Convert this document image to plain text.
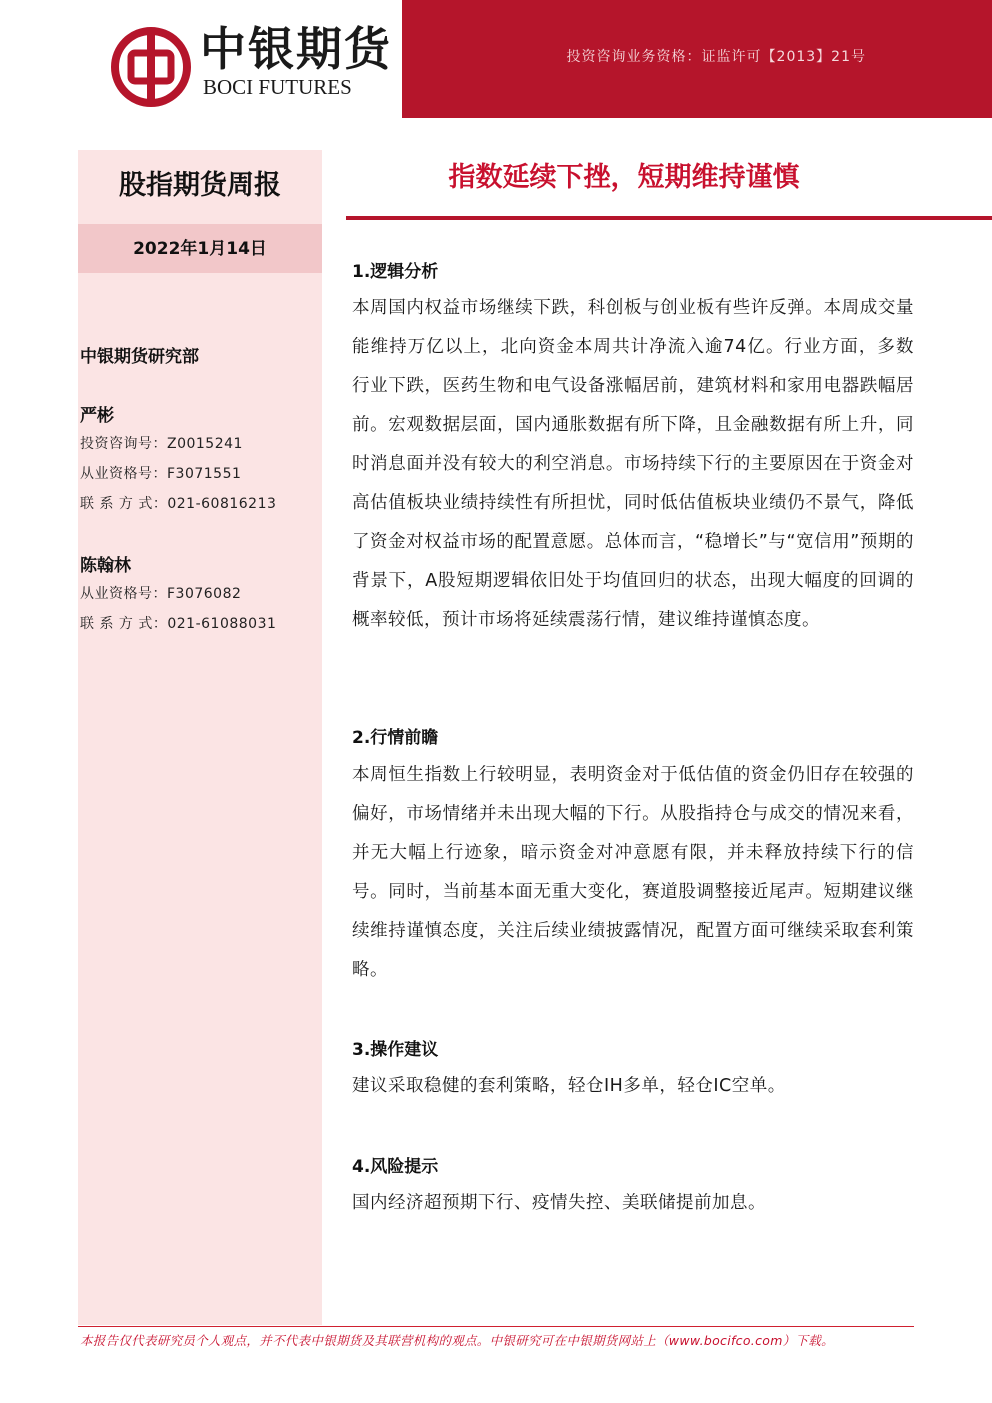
中银期货
BOCI FUTURES
投资咨询业务资格：证监许可【2013】21号
股指期货周报
2022年1月14日
中银期货研究部
严彬
投资咨询号：Z0015241
从业资格号：F3071551
联 系 方 式：021-60816213
陈翰林
从业资格号：F3076082
联 系 方 式：021-61088031
指数延续下挫，短期维持谨慎
1.逻辑分析
本周国内权益市场继续下跌，科创板与创业板有些许反弹。本周成交量能维持万亿以上，北向资金本周共计净流入逾74亿。行业方面，多数行业下跌，医药生物和电气设备涨幅居前，建筑材料和家用电器跌幅居前。宏观数据层面，国内通胀数据有所下降，且金融数据有所上升，同时消息面并没有较大的利空消息。市场持续下行的主要原因在于资金对高估值板块业绩持续性有所担忧，同时低估值板块业绩仍不景气，降低了资金对权益市场的配置意愿。总体而言，“稳增长”与“宽信用”预期的背景下，A股短期逻辑依旧处于均值回归的状态，出现大幅度的回调的概率较低，预计市场将延续震荡行情，建议维持谨慎态度。
2.行情前瞻
本周恒生指数上行较明显，表明资金对于低估值的资金仍旧存在较强的偏好，市场情绪并未出现大幅的下行。从股指持仓与成交的情况来看，并无大幅上行迹象，暗示资金对冲意愿有限，并未释放持续下行的信号。同时，当前基本面无重大变化，赛道股调整接近尾声。短期建议继续维持谨慎态度，关注后续业绩披露情况，配置方面可继续采取套利策略。
3.操作建议
建议采取稳健的套利策略，轻仓IH多单，轻仓IC空单。
4.风险提示
国内经济超预期下行、疫情失控、美联储提前加息。
本报告仅代表研究员个人观点，并不代表中银期货及其联营机构的观点。中银研究可在中银期货网站上（www.bocifco.com）下载。
